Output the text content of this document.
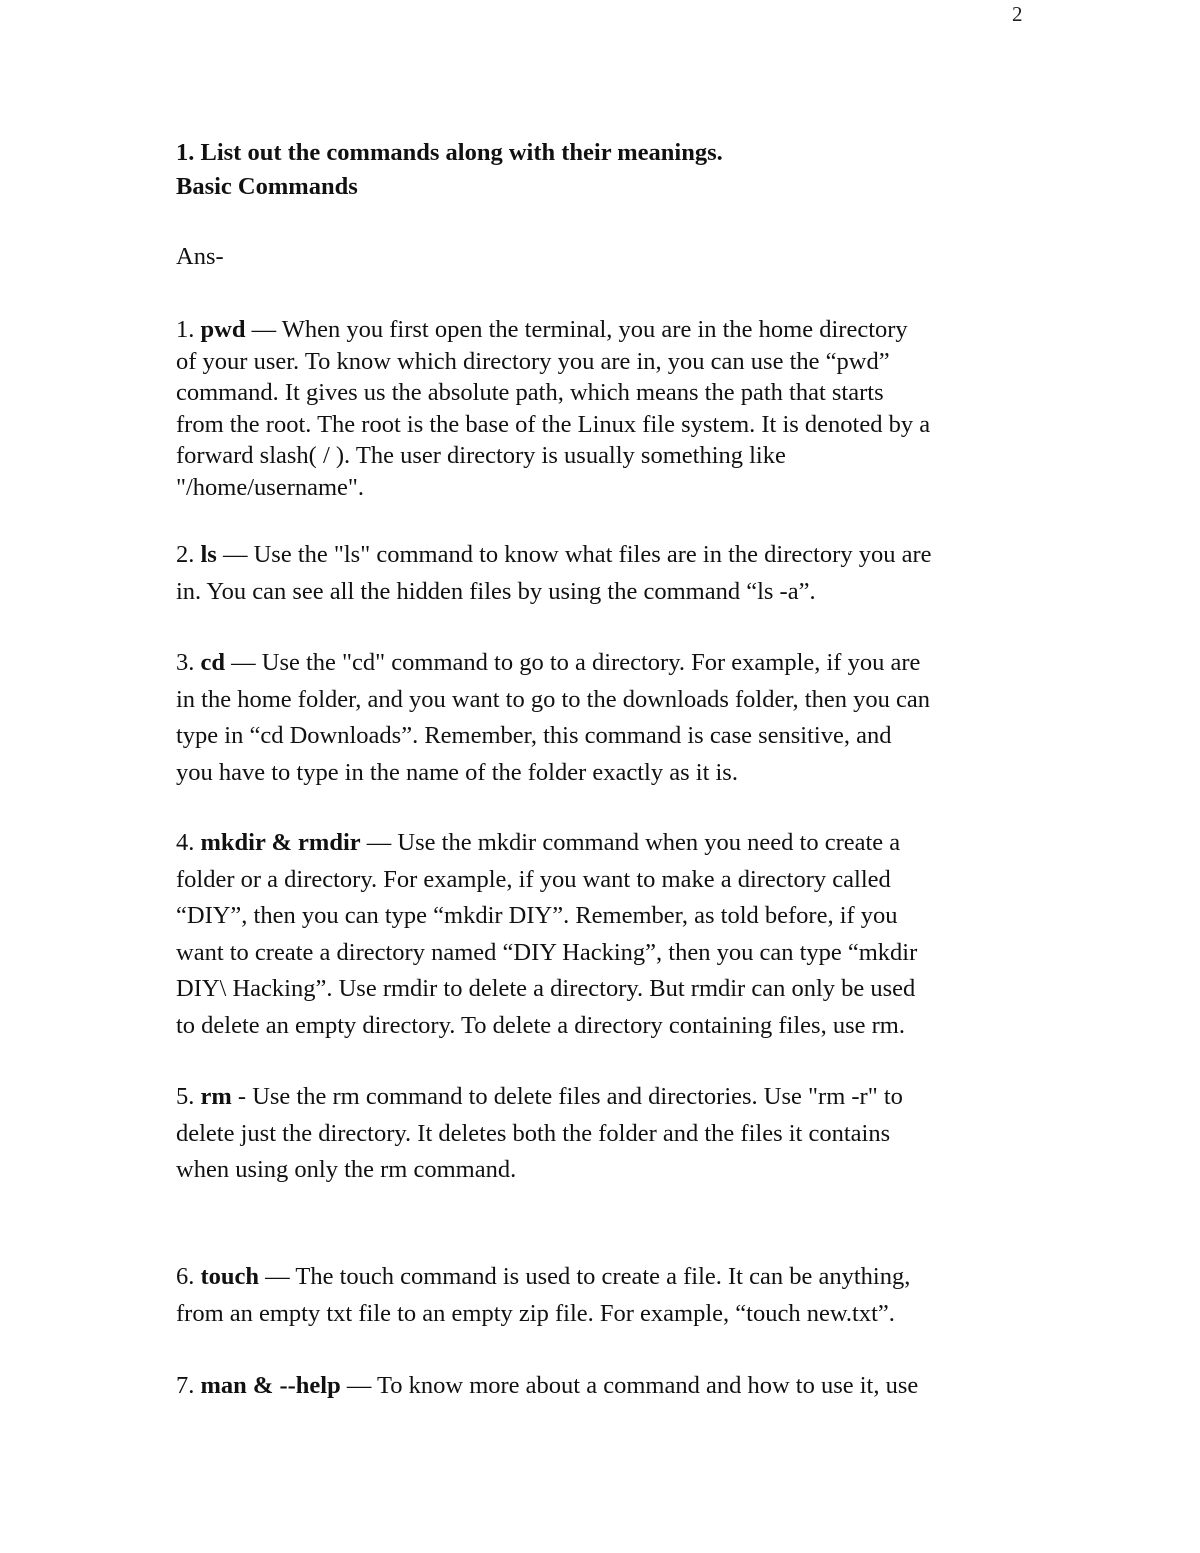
2
1. List out the commands along with their meanings.
Basic Commands
Ans-
1. pwd — When you first open the terminal, you are in the home directory
of your user. To know which directory you are in, you can use the “pwd”
command. It gives us the absolute path, which means the path that starts
from the root. The root is the base of the Linux file system. It is denoted by a
forward slash( / ). The user directory is usually something like
"/home/username".
2. ls — Use the "ls" command to know what files are in the directory you are
in. You can see all the hidden files by using the command “ls -a”.
3. cd — Use the "cd" command to go to a directory. For example, if you are
in the home folder, and you want to go to the downloads folder, then you can
type in “cd Downloads”. Remember, this command is case sensitive, and
you have to type in the name of the folder exactly as it is.
4. mkdir & rmdir — Use the mkdir command when you need to create a
folder or a directory. For example, if you want to make a directory called
“DIY”, then you can type “mkdir DIY”. Remember, as told before, if you
want to create a directory named “DIY Hacking”, then you can type “mkdir
DIY\ Hacking”. Use rmdir to delete a directory. But rmdir can only be used
to delete an empty directory. To delete a directory containing files, use rm.
5. rm - Use the rm command to delete files and directories. Use "rm -r" to
delete just the directory. It deletes both the folder and the files it contains
when using only the rm command.
6. touch — The touch command is used to create a file. It can be anything,
from an empty txt file to an empty zip file. For example, “touch new.txt”.
7. man & --help — To know more about a command and how to use it, use
